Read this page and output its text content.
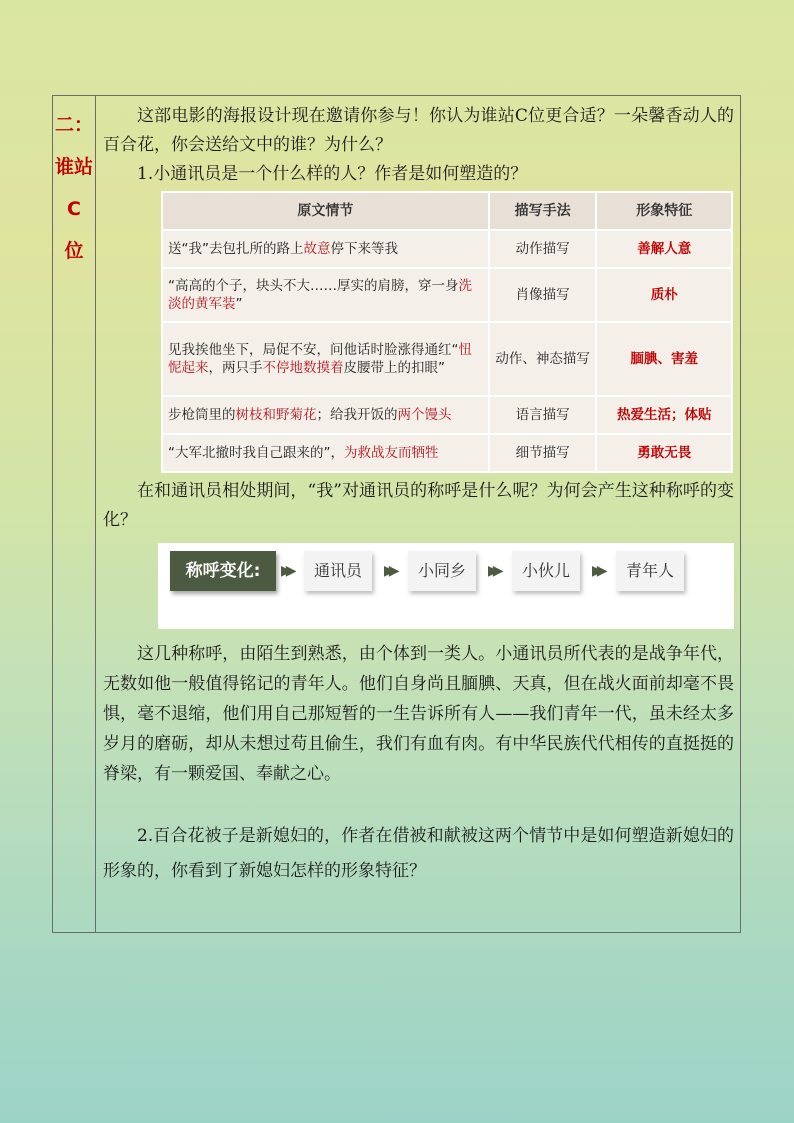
二：
谁站
C
位

这部电影的海报设计现在邀请你参与！你认为谁站C位更合适？一朵馨香动人的百合花，你会送给文中的谁？为什么？

1.小通讯员是一个什么样的人？作者是如何塑造的？

原文情节	描写手法	形象特征
送“我”去包扎所的路上故意停下来等我	动作描写	善解人意
“高高的个子，块头不大……厚实的肩膀，穿一身洗淡的黄军装”	肖像描写	质朴
见我挨他坐下，局促不安，问他话时脸涨得通红“忸怩起来，两只手不停地数摸着皮腰带上的扣眼”	动作、神态描写	腼腆、害羞
步枪筒里的树枝和野菊花；给我开饭的两个馒头	语言描写	热爱生活；体贴
“大军北撤时我自己跟来的”，为救战友而牺牲	细节描写	勇敢无畏

在和通讯员相处期间，“我”对通讯员的称呼是什么呢？为何会产生这种称呼的变化？

称呼变化:	▶▶	通讯员	▶▶	小同乡	▶▶	小伙儿	▶▶	青年人

这几种称呼，由陌生到熟悉，由个体到一类人。小通讯员所代表的是战争年代，无数如他一般值得铭记的青年人。他们自身尚且腼腆、天真，但在战火面前却毫不畏惧，毫不退缩，他们用自己那短暂的一生告诉所有人——我们青年一代，虽未经太多岁月的磨砺，却从未想过苟且偷生，我们有血有肉。有中华民族代代相传的直挺挺的脊梁，有一颗爱国、奉献之心。

2.百合花被子是新媳妇的，作者在借被和献被这两个情节中是如何塑造新媳妇的形象的，你看到了新媳妇怎样的形象特征？
